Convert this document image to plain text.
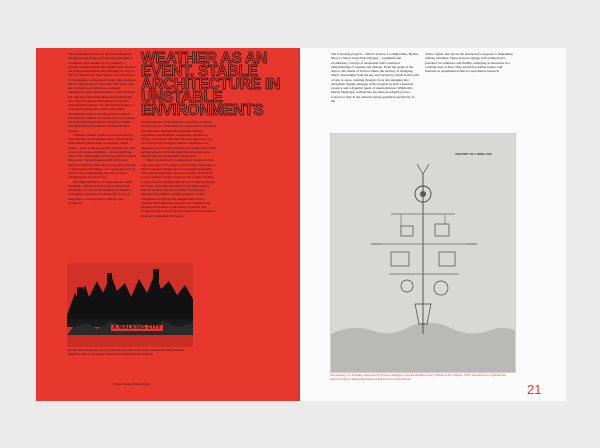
The accelerated process of global warming has disrupted seasonal growth patterns, atmospheric conditions, and weather cycles, leading to extreme weather events that significantly threaten our living environment and challenge our way of life. In Switzerland, these effects are exacerbated by the presence of mountain ranges that dominate much of the country's landscape. The Swiss Alps are a collection of delicate ecosystems undergoing rapid transformations. These changes not only alter their immediate surroundings but also affect landscapes that extend far beyond Switzerland's borders. The interconnectedness of ecosystems means that shifts in the alpine environment, such as melting glaciers, altered precipitation patterns and biodiversity loss, ripple outward, affecting broader ecological, climatic and hydrological systems in Switzerland and Europe.

Extreme weather events are characterized by their transient, and volatile nature, often leaving little time for preparation or response. These events – such as intense storms, flash floods, heat waves and sudden snowfalls – pose significant risks to the communities and ecosystems in which they occur. The suddenness with which they manifest amplifies their threat, frequently leading to infrastructural damage, loss of property and, in severe cases, endangering the lives of those inhabiting the affected areas.

The unpredictability of these climatic shifts demands a departure from static architectural paradigms. It calls for the potential of adaptive and highly responsive structures that focus on temporality as a response to change. Can architectur-

WEATHER AS AN EVENT. STABLE ARCHITECTURE IN UNSTABLE ENVIRONMENTS

al interventions act as mediators and offer solutions through precise calibration and collaboration with their environments, dynamically adjusting through regulation, enhancement, attenuation, rejection or energy conversion? Through this new approach, can we leverage the changing climatic conditions as a departure point for the production of architecture while simultaneously acknowledging the landscape as an integral agent in architectural discourse?

Thöni, Switzerland's southernmost canton and the only one south of the Alps, is particularly vulnerable to abrupt weather changes due to its unique geography. This region frequently experiences some of the most severe extreme weather events in the country, making it a key area for studying the effects of climate change. In Ticino, these impacts are felt even more acutely, with an increase in heavy rainfall, flooding and unpredictable shifts to weather patterns. Ticino Temporale, the title of the design studio for the Autumn 2023 semester, explored how architectural designs could adapt to the region's dynamic and changing climate and proposed innovative solutions to these environmental challenges.

A WALKING CITY
Ron Herron's Walking City concept (Cities Moving, New York, 1964): Autonomous living structures designed to adapt to and engage with their surroundings and the landscape
Tiziano Derme, Manuel Pallua

The following projects – Wind Catchers, La Ombrellina, Hydria, Moor to Shore and A Fish Odyssey – synthesize the evolutionary concept of adaptation with a nuanced understanding of weather and climate. From the peaks of the Alps to the basins of Ticino's lakes, the territory is changing. Water, descending from the sky and carried by winds in the form of rain or snow, winding through rivers and plunging into subaquatic depths, emerges in the projects as both a material resource and a dynamic agent of transformation. Within this kinetic landscape, architecture becomes an adaptive force – rooted not only in the cultural and geographical specificity of the

Ticino region, but also in the anticipatory response to impending climate extremes. These projects engage with architecture's potential for resilience and fluidity, emerging as structures in a constant state of flux. They envision possible futures and function as experimental sites for speculative research.

ANATOMY OF A DWELLING
The Anatomy of a Dwelling: Illustration by François Dallegret to Reyner Banham's essay 'A Home is Not a House', 1965: The home as an organism that supports living by integrating modern technical services and functions
21
